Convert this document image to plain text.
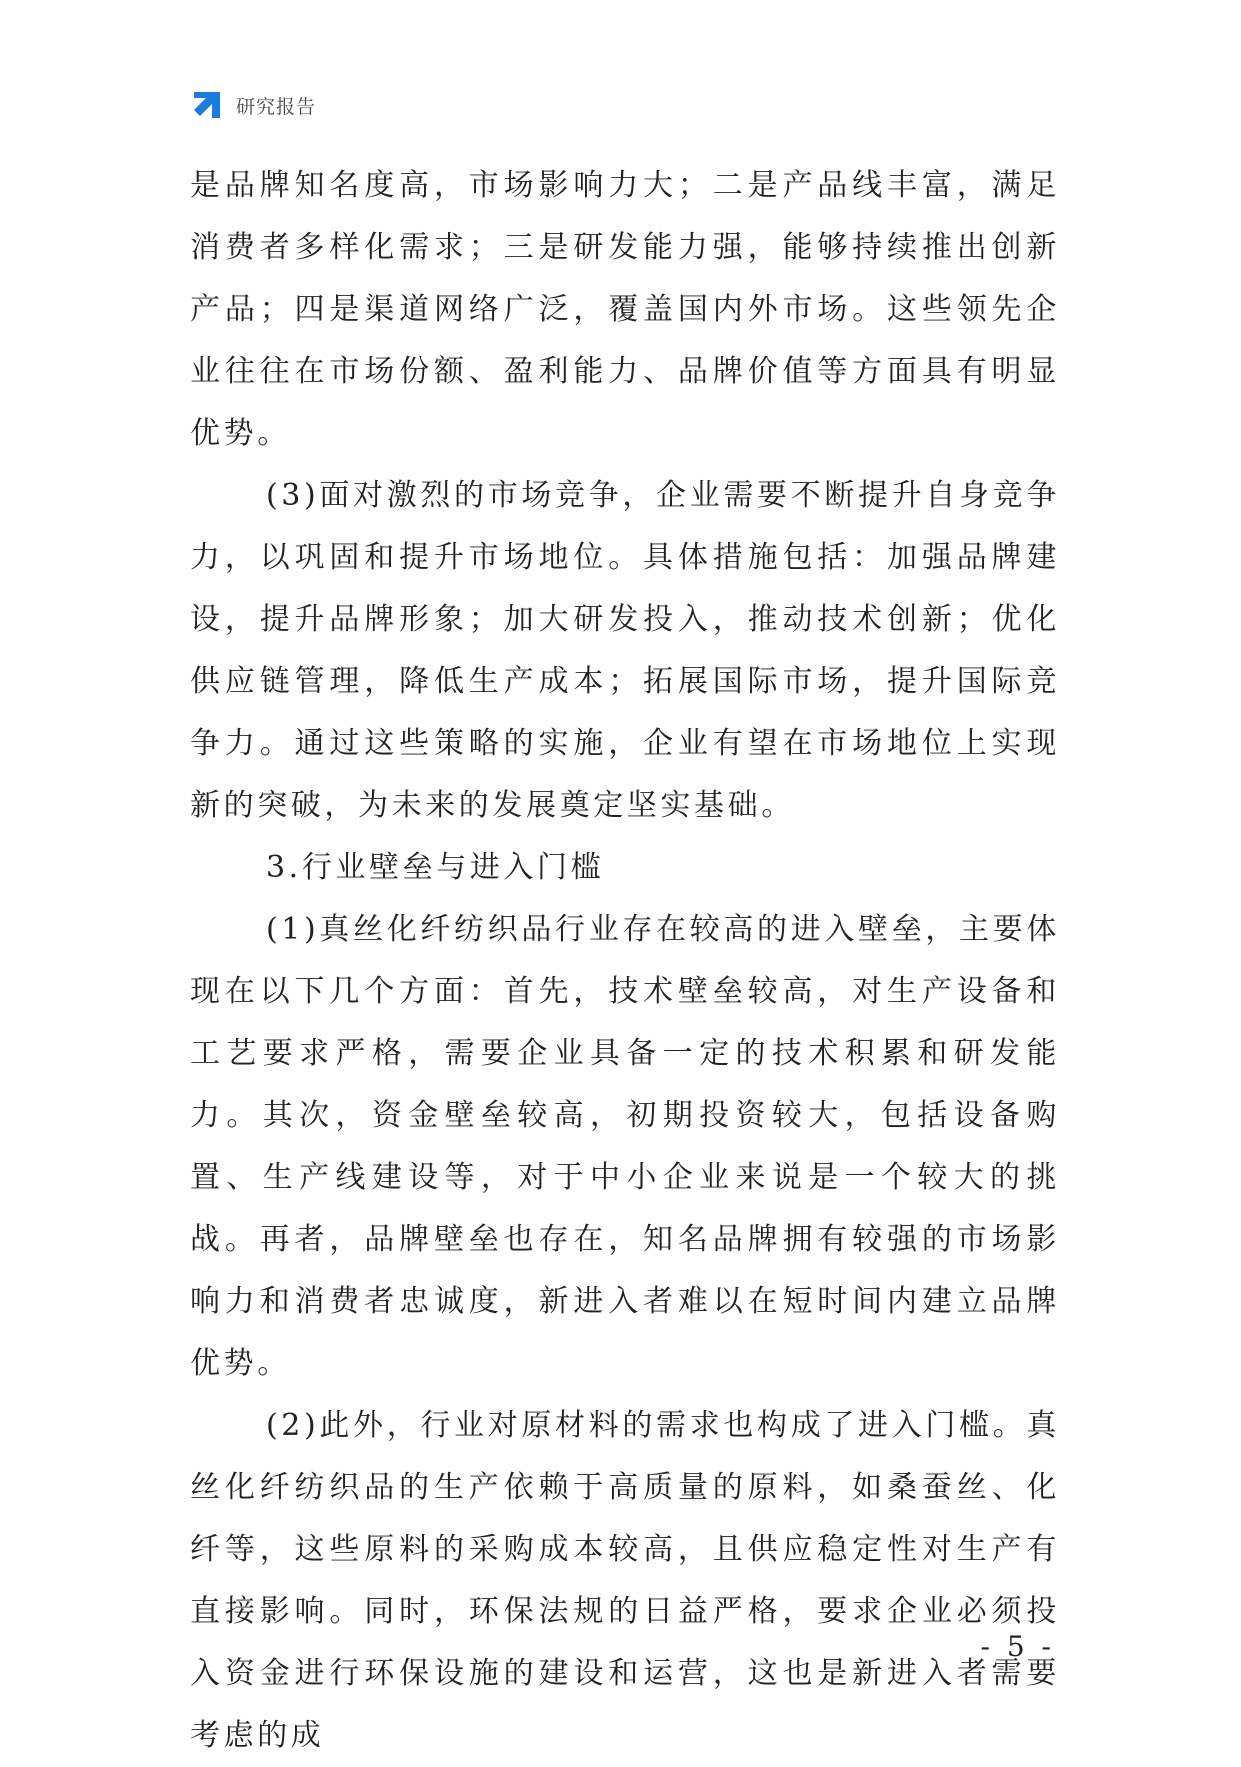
研究报告

是品牌知名度高，市场影响力大；二是产品线丰富，满足消费者多样化需求；三是研发能力强，能够持续推出创新产品；四是渠道网络广泛，覆盖国内外市场。这些领先企业往往在市场份额、盈利能力、品牌价值等方面具有明显优势。

(3)面对激烈的市场竞争，企业需要不断提升自身竞争力，以巩固和提升市场地位。具体措施包括：加强品牌建设，提升品牌形象；加大研发投入，推动技术创新；优化供应链管理，降低生产成本；拓展国际市场，提升国际竞争力。通过这些策略的实施，企业有望在市场地位上实现新的突破，为未来的发展奠定坚实基础。

3.行业壁垒与进入门槛

(1)真丝化纤纺织品行业存在较高的进入壁垒，主要体现在以下几个方面：首先，技术壁垒较高，对生产设备和工艺要求严格，需要企业具备一定的技术积累和研发能力。其次，资金壁垒较高，初期投资较大，包括设备购置、生产线建设等，对于中小企业来说是一个较大的挑战。再者，品牌壁垒也存在，知名品牌拥有较强的市场影响力和消费者忠诚度，新进入者难以在短时间内建立品牌优势。

(2)此外，行业对原材料的需求也构成了进入门槛。真丝化纤纺织品的生产依赖于高质量的原料，如桑蚕丝、化纤等，这些原料的采购成本较高，且供应稳定性对生产有直接影响。同时，环保法规的日益严格，要求企业必须投入资金进行环保设施的建设和运营，这也是新进入者需要考虑的成

- 5 -
